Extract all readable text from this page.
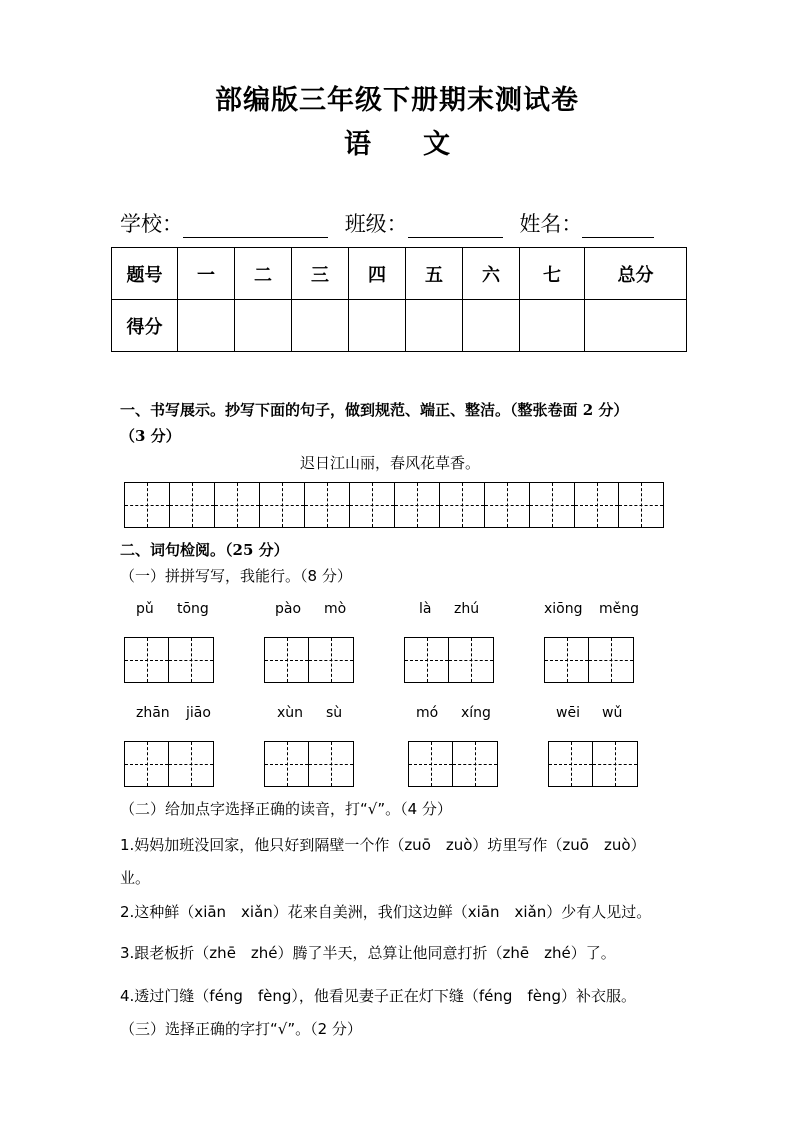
部编版三年级下册期末测试卷
语 文
学校：	班级：	姓名：
题号	一	二	三	四	五	六	七	总分
得分								
一、书写展示。抄写下面的句子，做到规范、端正、整洁。（整张卷面 2 分）
（3 分）
迟日江山丽，春风花草香。
二、词句检阅。（25 分）
（一）拼拼写写，我能行。（8 分）
pǔ tōng	pào mò	là zhú	xiōng měng
zhān jiāo	xùn sù	mó xíng	wēi wǔ
（二）给加点字选择正确的读音，打“√”。（4 分）
1.妈妈加班没回家，他只好到隔壁一个作（zuō　zuò）坊里写作（zuō　zuò）
业。
2.这种鲜（xiān　xiǎn）花来自美洲，我们这边鲜（xiān　xiǎn）少有人见过。
3.跟老板折（zhē　zhé）腾了半天，总算让他同意打折（zhē　zhé）了。
4.透过门缝（féng　fèng），他看见妻子正在灯下缝（féng　fèng）补衣服。
（三）选择正确的字打“√”。（2 分）
